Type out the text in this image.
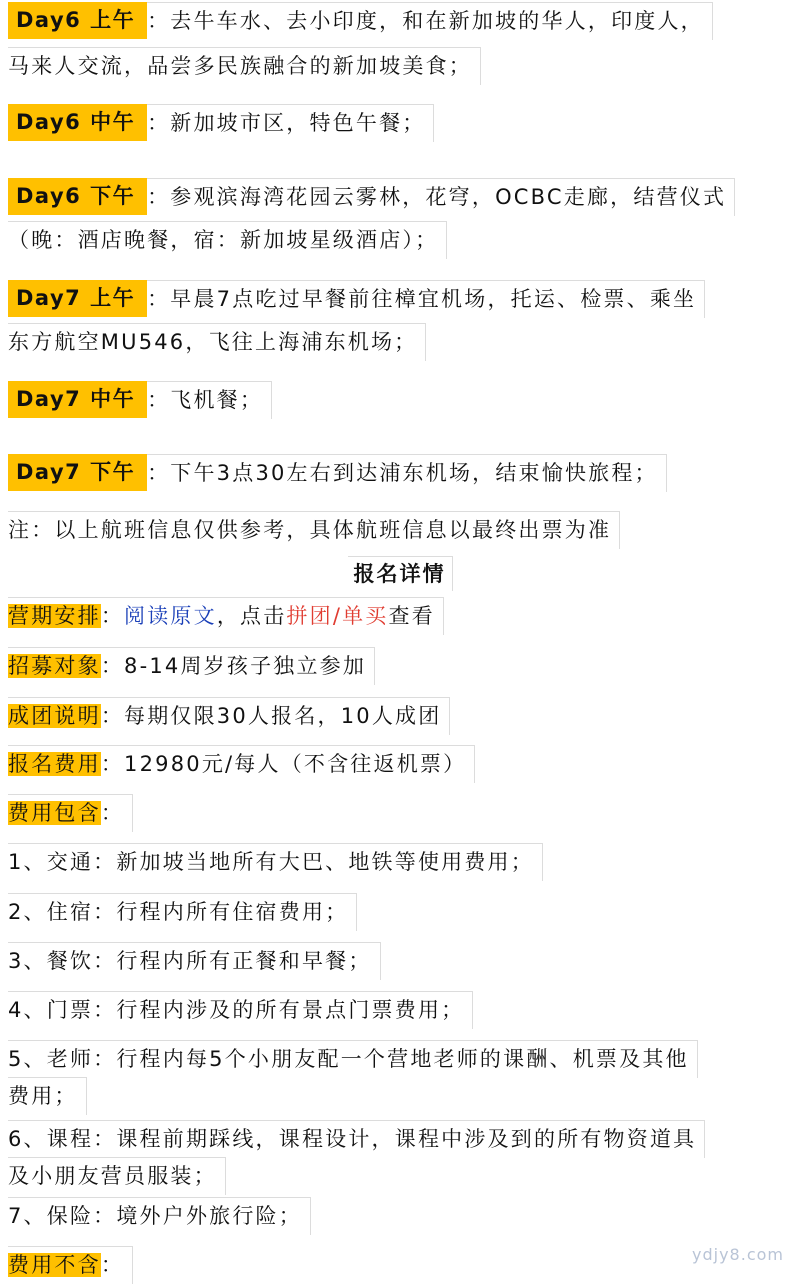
Day6 上午 ：去牛车水、去小印度，和在新加坡的华人，印度人，
马来人交流，品尝多民族融合的新加坡美食；
Day6 中午 ：新加坡市区，特色午餐；
Day6 下午 ：参观滨海湾花园云雾林，花穹，OCBC走廊，结营仪式
（晚：酒店晚餐，宿：新加坡星级酒店）；
Day7 上午 ：早晨7点吃过早餐前往樟宜机场，托运、检票、乘坐
东方航空MU546，飞往上海浦东机场；
Day7 中午 ：飞机餐；
Day7 下午 ：下午3点30左右到达浦东机场，结束愉快旅程；
注：以上航班信息仅供参考，具体航班信息以最终出票为准
报名详情
营期安排：阅读原文，点击拼团/单买查看
招募对象：8-14周岁孩子独立参加
成团说明：每期仅限30人报名，10人成团
报名费用：12980元/每人（不含往返机票）
费用包含：
1、交通：新加坡当地所有大巴、地铁等使用费用；
2、住宿：行程内所有住宿费用；
3、餐饮：行程内所有正餐和早餐；
4、门票：行程内涉及的所有景点门票费用；
5、老师：行程内每5个小朋友配一个营地老师的课酬、机票及其他
费用；
6、课程：课程前期踩线，课程设计，课程中涉及到的所有物资道具
及小朋友营员服装；
7、保险：境外户外旅行险；
费用不含：	ydjy8.com
